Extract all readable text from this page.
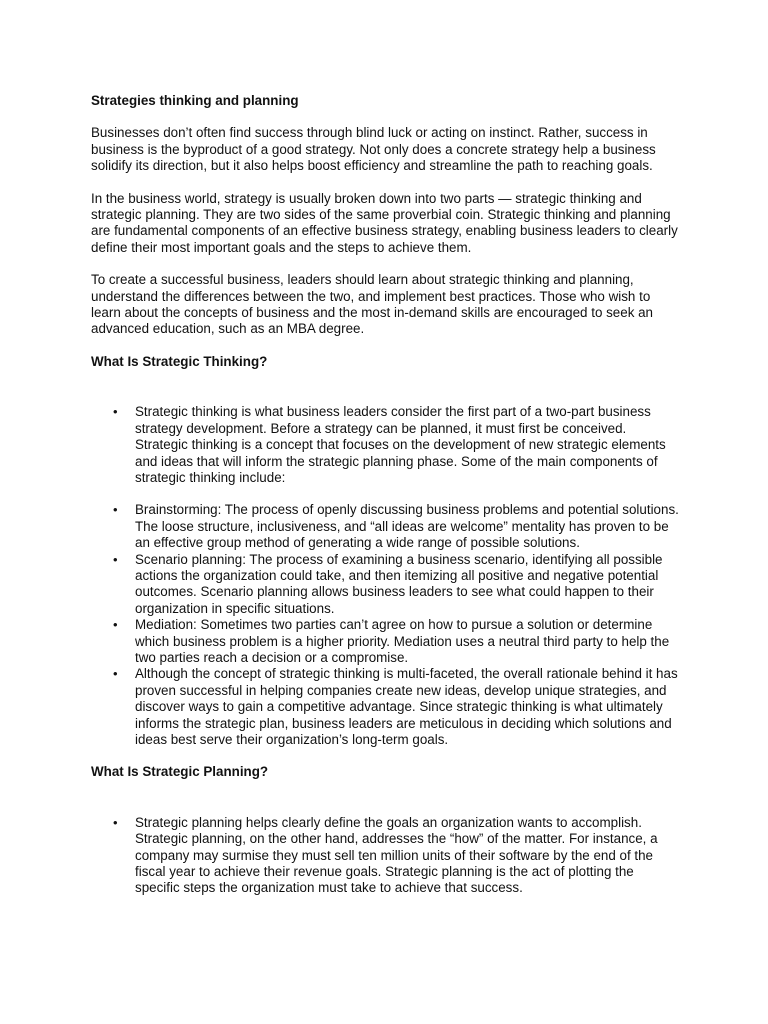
Strategies thinking and planning

Businesses don’t often find success through blind luck or acting on instinct. Rather, success in business is the byproduct of a good strategy. Not only does a concrete strategy help a business solidify its direction, but it also helps boost efficiency and streamline the path to reaching goals.

In the business world, strategy is usually broken down into two parts — strategic thinking and strategic planning. They are two sides of the same proverbial coin. Strategic thinking and planning are fundamental components of an effective business strategy, enabling business leaders to clearly define their most important goals and the steps to achieve them.

To create a successful business, leaders should learn about strategic thinking and planning, understand the differences between the two, and implement best practices. Those who wish to learn about the concepts of business and the most in-demand skills are encouraged to seek an advanced education, such as an MBA degree.

What Is Strategic Thinking?

•	Strategic thinking is what business leaders consider the first part of a two-part business strategy development. Before a strategy can be planned, it must first be conceived. Strategic thinking is a concept that focuses on the development of new strategic elements and ideas that will inform the strategic planning phase. Some of the main components of strategic thinking include:
•	Brainstorming: The process of openly discussing business problems and potential solutions. The loose structure, inclusiveness, and “all ideas are welcome” mentality has proven to be an effective group method of generating a wide range of possible solutions.
•	Scenario planning: The process of examining a business scenario, identifying all possible actions the organization could take, and then itemizing all positive and negative potential outcomes. Scenario planning allows business leaders to see what could happen to their organization in specific situations.
•	Mediation: Sometimes two parties can’t agree on how to pursue a solution or determine which business problem is a higher priority. Mediation uses a neutral third party to help the two parties reach a decision or a compromise.
•	Although the concept of strategic thinking is multi-faceted, the overall rationale behind it has proven successful in helping companies create new ideas, develop unique strategies, and discover ways to gain a competitive advantage. Since strategic thinking is what ultimately informs the strategic plan, business leaders are meticulous in deciding which solutions and ideas best serve their organization’s long-term goals.

What Is Strategic Planning?

•	Strategic planning helps clearly define the goals an organization wants to accomplish. Strategic planning, on the other hand, addresses the “how” of the matter. For instance, a company may surmise they must sell ten million units of their software by the end of the fiscal year to achieve their revenue goals. Strategic planning is the act of plotting the specific steps the organization must take to achieve that success.
